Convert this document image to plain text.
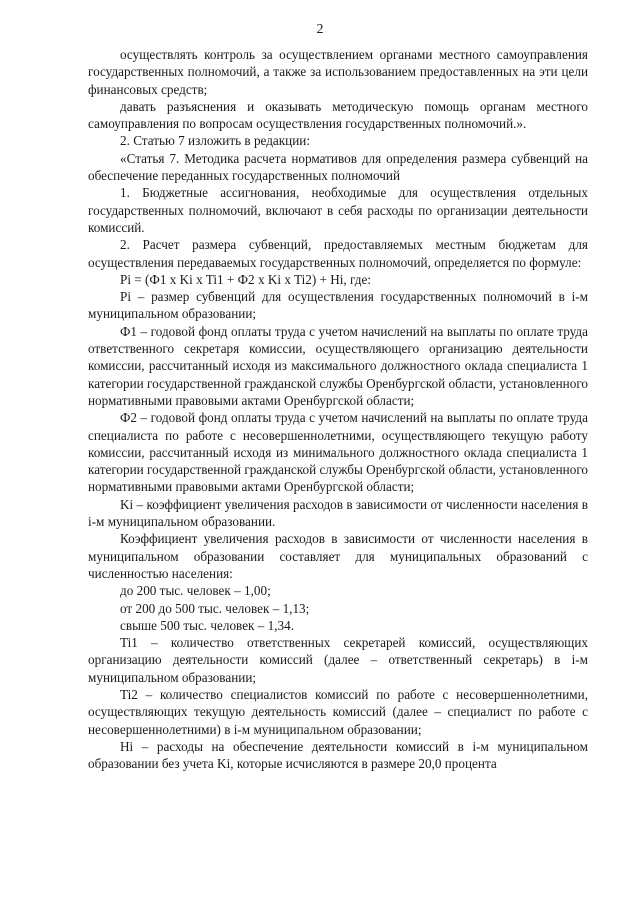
2

осуществлять контроль за осуществлением органами местного самоуправления государственных полномочий, а также за использованием предоставленных на эти цели финансовых средств;

давать разъяснения и оказывать методическую помощь органам местного самоуправления по вопросам осуществления государственных полномочий.».

2. Статью 7 изложить в редакции:

«Статья 7. Методика расчета нормативов для определения размера субвенций на обеспечение переданных государственных полномочий

1. Бюджетные ассигнования, необходимые для осуществления отдельных государственных полномочий, включают в себя расходы по организации деятельности комиссий.

2. Расчет размера субвенций, предоставляемых местным бюджетам для осуществления передаваемых государственных полномочий, определяется по формуле:

Pi = (Ф1 x Ki x Ti1 + Ф2 x Ki x Ti2) + Hi, где:

Pi – размер субвенций для осуществления государственных полномочий в i-м муниципальном образовании;

Ф1 – годовой фонд оплаты труда с учетом начислений на выплаты по оплате труда ответственного секретаря комиссии, осуществляющего организацию деятельности комиссии, рассчитанный исходя из максимального должностного оклада специалиста 1 категории государственной гражданской службы Оренбургской области, установленного нормативными правовыми актами Оренбургской области;

Ф2 – годовой фонд оплаты труда с учетом начислений на выплаты по оплате труда специалиста по работе с несовершеннолетними, осуществляющего текущую работу комиссии, рассчитанный исходя из минимального должностного оклада специалиста 1 категории государственной гражданской службы Оренбургской области, установленного нормативными правовыми актами Оренбургской области;

Ki – коэффициент увеличения расходов в зависимости от численности населения в i-м муниципальном образовании.

Коэффициент увеличения расходов в зависимости от численности населения в муниципальном образовании составляет для муниципальных образований с численностью населения:

до 200 тыс. человек – 1,00;

от 200 до 500 тыс. человек – 1,13;

свыше 500 тыс. человек – 1,34.

Ti1 – количество ответственных секретарей комиссий, осуществляющих организацию деятельности комиссий (далее – ответственный секретарь) в i-м муниципальном образовании;

Ti2 – количество специалистов комиссий по работе с несовершеннолетними, осуществляющих текущую деятельность комиссий (далее – специалист по работе с несовершеннолетними) в i-м муниципальном образовании;

Hi – расходы на обеспечение деятельности комиссий в i-м муниципальном образовании без учета Ki, которые исчисляются в размере 20,0 процента
